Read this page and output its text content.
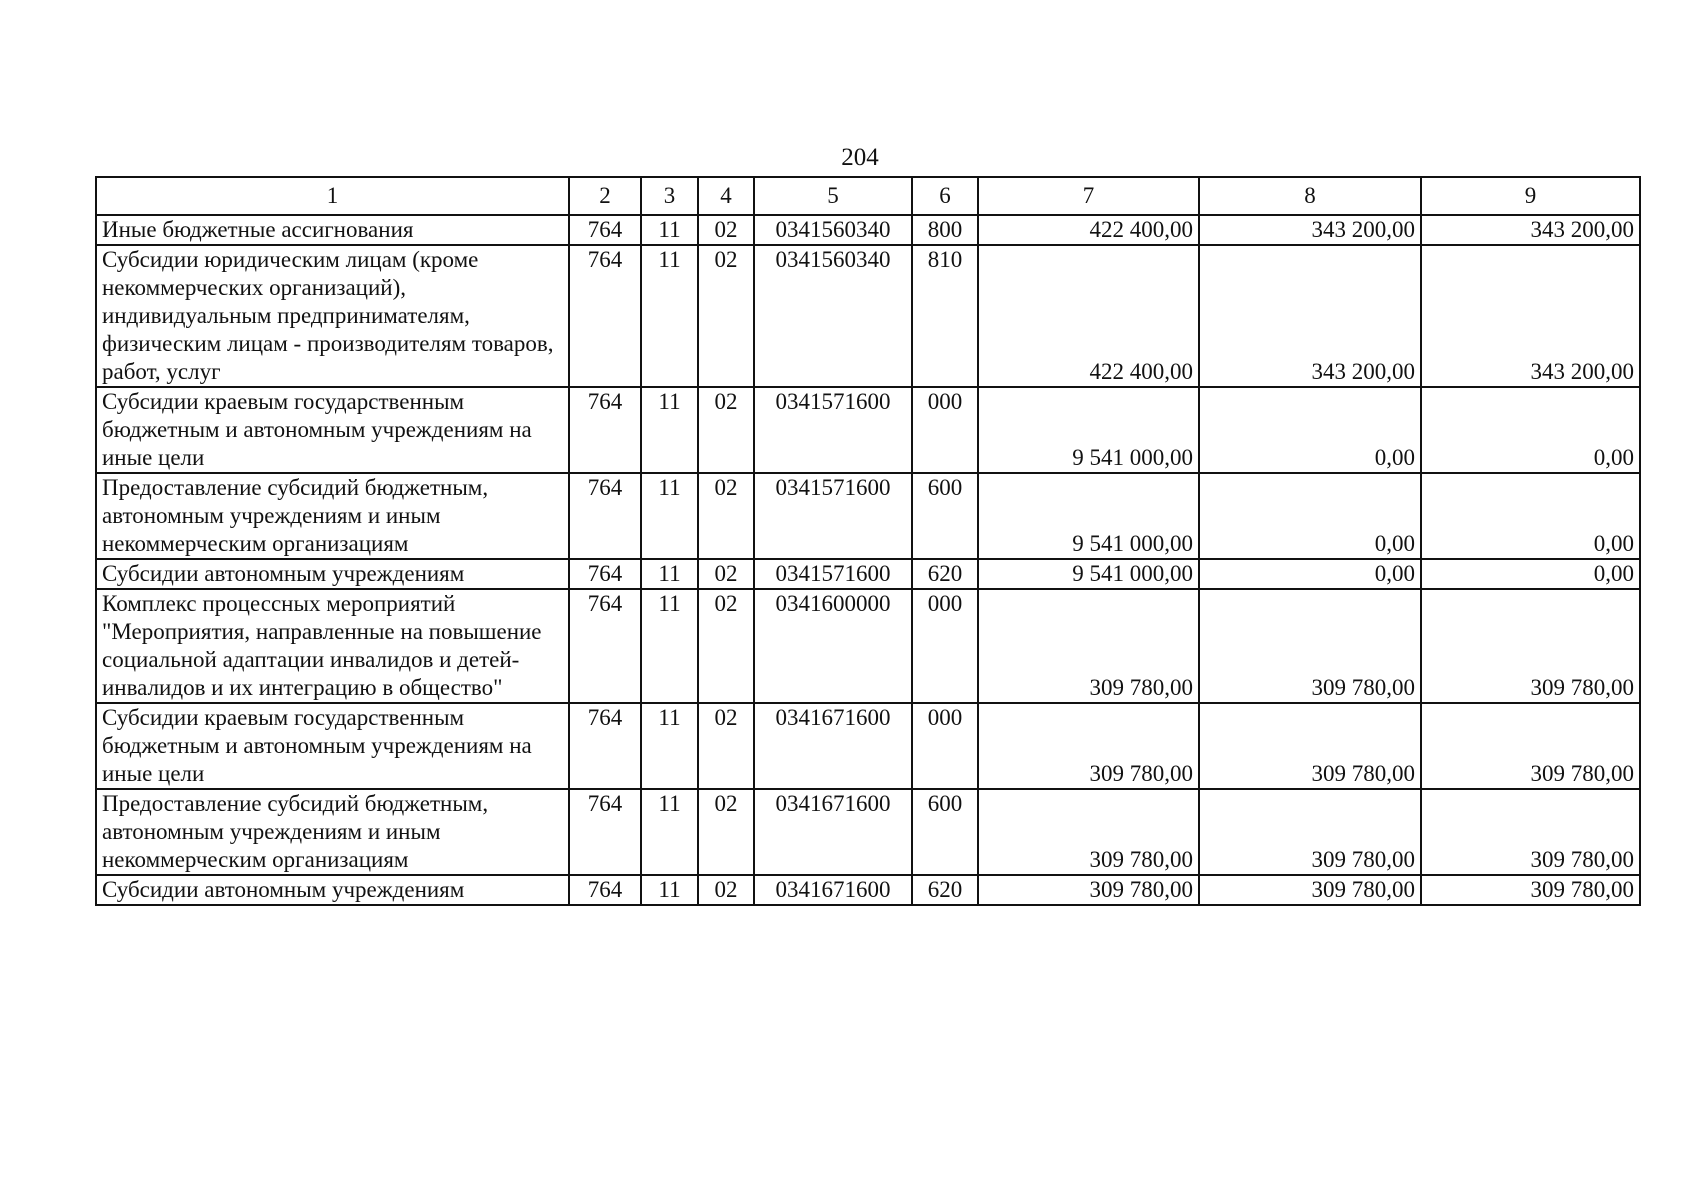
204
1	2	3	4	5	6	7	8	9
Иные бюджетные ассигнования	764	11	02	0341560340	800	422 400,00	343 200,00	343 200,00
Субсидии юридическим лицам (кроме некоммерческих организаций), индивидуальным предпринимателям, физическим лицам - производителям товаров, работ, услуг	764	11	02	0341560340	810	422 400,00	343 200,00	343 200,00
Субсидии краевым государственным бюджетным и автономным учреждениям на иные цели	764	11	02	0341571600	000	9 541 000,00	0,00	0,00
Предоставление субсидий бюджетным, автономным учреждениям и иным некоммерческим организациям	764	11	02	0341571600	600	9 541 000,00	0,00	0,00
Субсидии автономным учреждениям	764	11	02	0341571600	620	9 541 000,00	0,00	0,00
Комплекс процессных мероприятий "Мероприятия, направленные на повышение социальной адаптации инвалидов и детей-инвалидов и их интеграцию в общество"	764	11	02	0341600000	000	309 780,00	309 780,00	309 780,00
Субсидии краевым государственным бюджетным и автономным учреждениям на иные цели	764	11	02	0341671600	000	309 780,00	309 780,00	309 780,00
Предоставление субсидий бюджетным, автономным учреждениям и иным некоммерческим организациям	764	11	02	0341671600	600	309 780,00	309 780,00	309 780,00
Субсидии автономным учреждениям	764	11	02	0341671600	620	309 780,00	309 780,00	309 780,00
